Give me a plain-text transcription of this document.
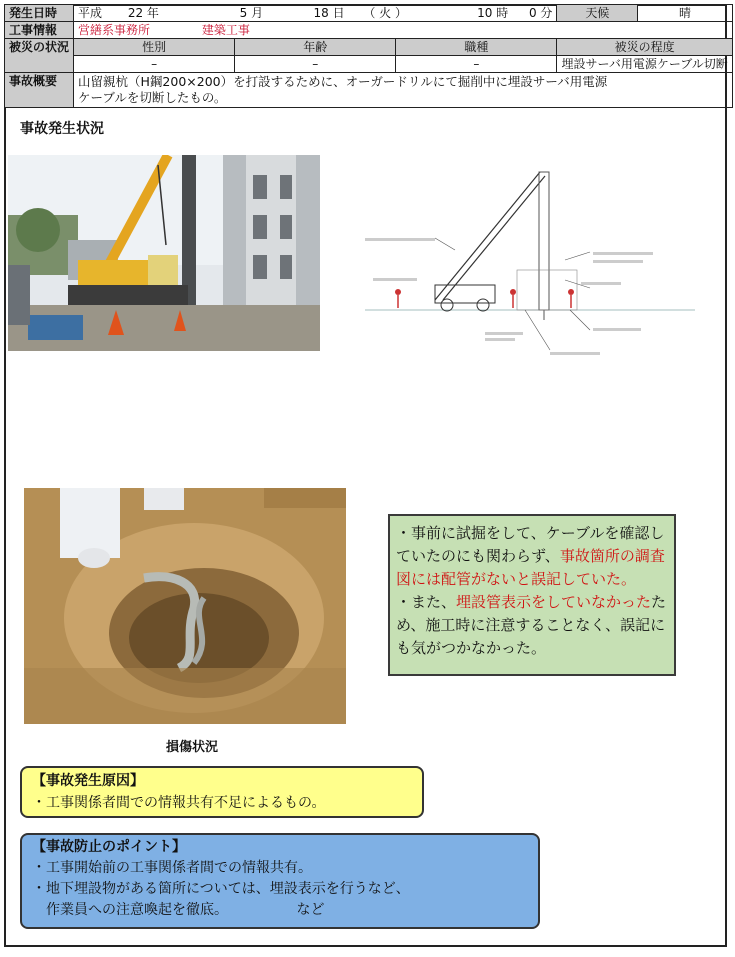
発生日時	平成 22 年 5 月 18 日 （ 火 ） 10 時 0 分			天候	晴
工事情報	営繕系事務所 建築工事				
被災の状況	性別	年齢	職種	被災の程度	
	–	–	–	埋設サーバ用電源ケーブル切断	
事故概要	山留親杭（H鋼200×200）を打設するために、オーガードリルにて掘削中に埋設サーバ用電源
ケーブルを切断したもの。				
事故発生状況
・事前に試掘をして、ケーブルを確認していたのにも関わらず、事故箇所の調査図には配管がないと誤記していた。
・また、埋設管表示をしていなかったため、施工時に注意することなく、誤記にも気がつかなかった。
損傷状況
【事故発生原因】
・工事関係者間での情報共有不足によるもの。
【事故防止のポイント】
・工事開始前の工事関係者間での情報共有。
・地下埋設物がある箇所については、埋設表示を行うなど、
作業員への注意喚起を徹底。	など
